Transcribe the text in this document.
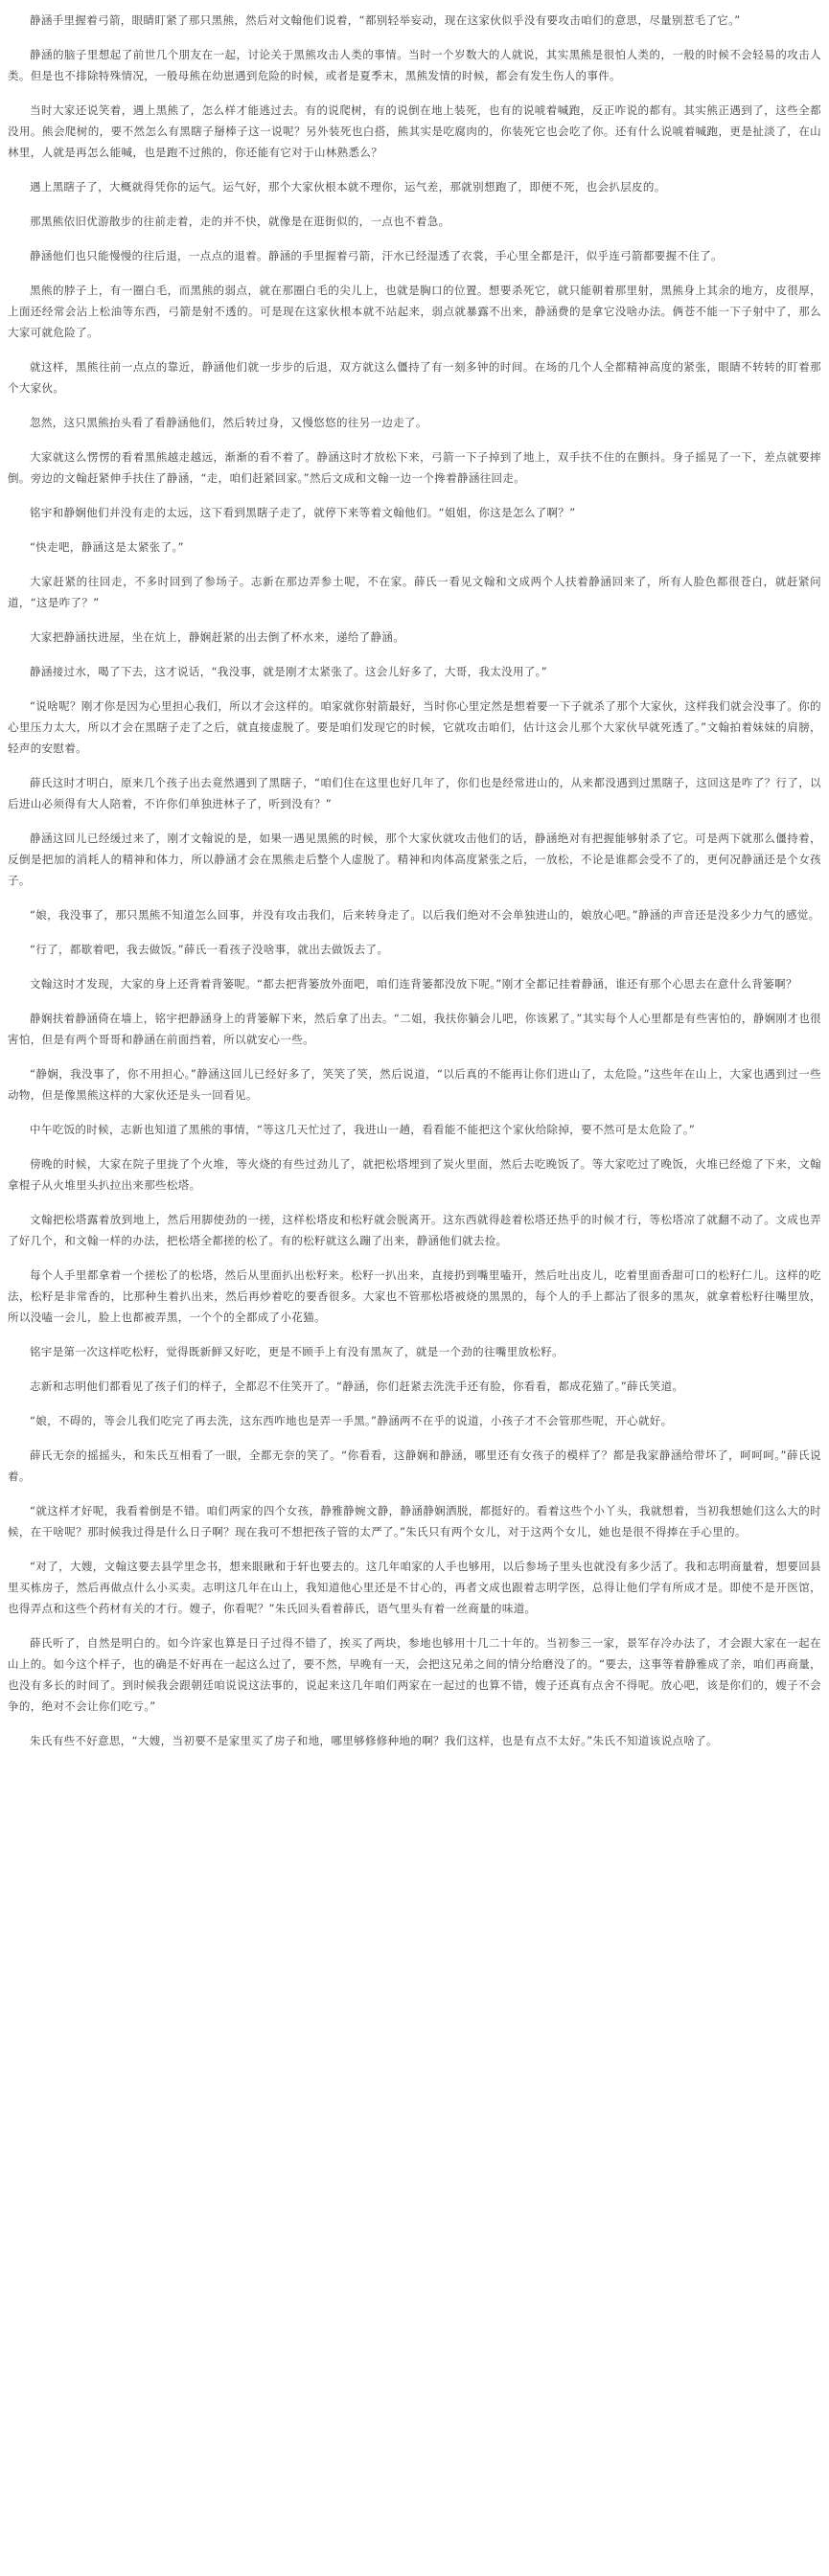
静涵手里握着弓箭，眼睛盯紧了那只黑熊，然后对文翰他们说着，“都别轻举妄动，现在这家伙似乎没有要攻击咱们的意思，尽量别惹毛了它。”

静涵的脑子里想起了前世几个朋友在一起，讨论关于黑熊攻击人类的事情。当时一个岁数大的人就说，其实黑熊是很怕人类的，一般的时候不会轻易的攻击人类。但是也不排除特殊情况，一般母熊在幼崽遇到危险的时候，或者是夏季末，黑熊发情的时候，都会有发生伤人的事件。

当时大家还说笑着，遇上黑熊了，怎么样才能逃过去。有的说爬树，有的说倒在地上装死，也有的说唬着喊跑，反正咋说的都有。其实熊正遇到了，这些全都没用。熊会爬树的，要不然怎么有黑瞎子掰棒子这一说呢？另外装死也白搭，熊其实是吃腐肉的，你装死它也会吃了你。还有什么说唬着喊跑，更是扯淡了，在山林里，人就是再怎么能喊，也是跑不过熊的，你还能有它对于山林熟悉么？

遇上黑瞎子了，大概就得凭你的运气。运气好，那个大家伙根本就不理你，运气差，那就别想跑了，即便不死，也会扒层皮的。

那黑熊依旧优游散步的往前走着，走的并不快，就像是在逛街似的，一点也不着急。

静涵他们也只能慢慢的往后退，一点点的退着。静涵的手里握着弓箭，汗水已经湿透了衣裳，手心里全都是汗，似乎连弓箭都要握不住了。

黑熊的脖子上，有一圈白毛，而黑熊的弱点，就在那圈白毛的尖儿上，也就是胸口的位置。想要杀死它，就只能朝着那里射，黑熊身上其余的地方，皮很厚，上面还经常会沾上松油等东西，弓箭是射不透的。可是现在这家伙根本就不站起来，弱点就暴露不出来，静涵费的是拿它没啥办法。俩苍不能一下子射中了，那么大家可就危险了。

就这样，黑熊往前一点点的靠近，静涵他们就一步步的后退，双方就这么僵持了有一刻多钟的时间。在场的几个人全都精神高度的紧张，眼睛不转转的盯着那个大家伙。

忽然，这只黑熊抬头看了看静涵他们，然后转过身，又慢悠悠的往另一边走了。

大家就这么愣愣的看着黑熊越走越远，渐渐的看不着了。静涵这时才放松下来，弓箭一下子掉到了地上，双手扶不住的在颤抖。身子摇晃了一下，差点就要摔倒。旁边的文翰赶紧伸手扶住了静涵，“走，咱们赶紧回家。”然后文成和文翰一边一个搀着静涵往回走。

铭宇和静娴他们并没有走的太远，这下看到黑瞎子走了，就停下来等着文翰他们。“姐姐，你这是怎么了啊？”

“快走吧，静涵这是太紧张了。”

大家赶紧的往回走，不多时回到了参场子。志新在那边弄参土呢，不在家。薛氏一看见文翰和文成两个人扶着静涵回来了，所有人脸色都很苍白，就赶紧问道，“这是咋了？”

大家把静涵扶进屋，坐在炕上，静娴赶紧的出去倒了杯水来，递给了静涵。

静涵接过水，喝了下去，这才说话，“我没事，就是刚才太紧张了。这会儿好多了，大哥，我太没用了。”

“说啥呢？刚才你是因为心里担心我们，所以才会这样的。咱家就你射箭最好，当时你心里定然是想着要一下子就杀了那个大家伙，这样我们就会没事了。你的心里压力太大，所以才会在黑瞎子走了之后，就直接虚脱了。要是咱们发现它的时候，它就攻击咱们，估计这会儿那个大家伙早就死透了。”文翰拍着妹妹的肩膀，轻声的安慰着。

薛氏这时才明白，原来几个孩子出去竟然遇到了黑瞎子，“咱们住在这里也好几年了，你们也是经常进山的，从来都没遇到过黑瞎子，这回这是咋了？行了，以后进山必须得有大人陪着，不许你们单独进林子了，听到没有？”

静涵这回儿已经缓过来了，刚才文翰说的是，如果一遇见黑熊的时候，那个大家伙就攻击他们的话，静涵绝对有把握能够射杀了它。可是两下就那么僵持着，反倒是把加的消耗人的精神和体力，所以静涵才会在黑熊走后整个人虚脱了。精神和肉体高度紧张之后，一放松，不论是谁都会受不了的，更何况静涵还是个女孩子。

“娘，我没事了，那只黑熊不知道怎么回事，并没有攻击我们，后来转身走了。以后我们绝对不会单独进山的，娘放心吧。”静涵的声音还是没多少力气的感觉。

“行了，都歇着吧，我去做饭。”薛氏一看孩子没啥事，就出去做饭去了。

文翰这时才发现，大家的身上还背着背篓呢。“都去把背篓放外面吧，咱们连背篓都没放下呢。”刚才全都记挂着静涵，谁还有那个心思去在意什么背篓啊？

静娴扶着静涵倚在墙上，铭宇把静涵身上的背篓解下来，然后拿了出去。“二姐，我扶你躺会儿吧，你该累了。”其实每个人心里都是有些害怕的，静娴刚才也很害怕，但是有两个哥哥和静涵在前面挡着，所以就安心一些。

“静娴，我没事了，你不用担心。”静涵这回儿已经好多了，笑笑了笑，然后说道，“以后真的不能再让你们进山了，太危险。”这些年在山上，大家也遇到过一些动物，但是像黑熊这样的大家伙还是头一回看见。

中午吃饭的时候，志新也知道了黑熊的事情，“等这几天忙过了，我进山一趟，看看能不能把这个家伙给除掉，要不然可是太危险了。”

傍晚的时候，大家在院子里拢了个火堆，等火烧的有些过劲儿了，就把松塔埋到了炭火里面，然后去吃晚饭了。等大家吃过了晚饭，火堆已经熄了下来，文翰拿棍子从火堆里头扒拉出来那些松塔。

文翰把松塔露着放到地上，然后用脚使劲的一搓，这样松塔皮和松籽就会脱离开。这东西就得趁着松塔还热乎的时候才行，等松塔凉了就翻不动了。文成也弄了好几个，和文翰一样的办法，把松塔全都搓的松了。有的松籽就这么蹦了出来，静涵他们就去捡。

每个人手里都拿着一个搓松了的松塔，然后从里面扒出松籽来。松籽一扒出来，直接扔到嘴里嗑开，然后吐出皮儿，吃着里面香甜可口的松籽仁儿。这样的吃法，松籽是非常香的，比那种生着扒出来，然后再炒着吃的要香很多。大家也不管那松塔被烧的黑黑的，每个人的手上都沾了很多的黑灰，就拿着松籽往嘴里放，所以没嗑一会儿，脸上也都被弄黑，一个个的全都成了小花猫。

铭宇是第一次这样吃松籽，觉得既新鲜又好吃，更是不顾手上有没有黑灰了，就是一个劲的往嘴里放松籽。

志新和志明他们都看见了孩子们的样子，全都忍不住笑开了。“静涵，你们赶紧去洗洗手还有脸，你看看，都成花猫了。”薛氏笑道。

“娘，不碍的，等会儿我们吃完了再去洗，这东西咋地也是弄一手黑。”静涵两不在乎的说道，小孩子才不会管那些呢，开心就好。

薛氏无奈的摇摇头，和朱氏互相看了一眼，全都无奈的笑了。“你看看，这静娴和静涵，哪里还有女孩子的模样了？都是我家静涵给带坏了，呵呵呵。”薛氏说着。

“就这样才好呢，我看着倒是不错。咱们两家的四个女孩，静雅静婉文静，静涵静娴洒脱，都挺好的。看着这些个小丫头，我就想着，当初我想她们这么大的时候，在干啥呢？那时候我过得是什么日子啊？现在我可不想把孩子管的太严了。”朱氏只有两个女儿，对于这两个女儿，她也是很不得捧在手心里的。

“对了，大嫂，文翰这要去县学里念书，想来眼瞅和于轩也要去的。这几年咱家的人手也够用，以后参场子里头也就没有多少活了。我和志明商量着，想要回县里买栋房子，然后再做点什么小买卖。志明这几年在山上，我知道他心里还是不甘心的，再者文成也跟着志明学医，总得让他们学有所成才是。即使不是开医馆，也得弄点和这些个药材有关的才行。嫂子，你看呢？”朱氏回头看着薛氏，语气里头有着一丝商量的味道。

薛氏听了，自然是明白的。如今许家也算是日子过得不错了，挨买了两块，参地也够用十几二十年的。当初参三一家，景军存冷办法了，才会跟大家在一起在山上的。如今这个样子，也的确是不好再在一起这么过了，要不然，早晚有一天，会把这兄弟之间的情分给磨没了的。“要去，这事等着静雅成了亲，咱们再商量，也没有多长的时间了。到时候我会跟朝廷咱说说这法事的，说起来这几年咱们两家在一起过的也算不错，嫂子还真有点舍不得呢。放心吧，该是你们的，嫂子不会争的，绝对不会让你们吃亏。”

朱氏有些不好意思，“大嫂，当初要不是家里买了房子和地，哪里够修修种地的啊？我们这样，也是有点不太好。”朱氏不知道该说点啥了。
